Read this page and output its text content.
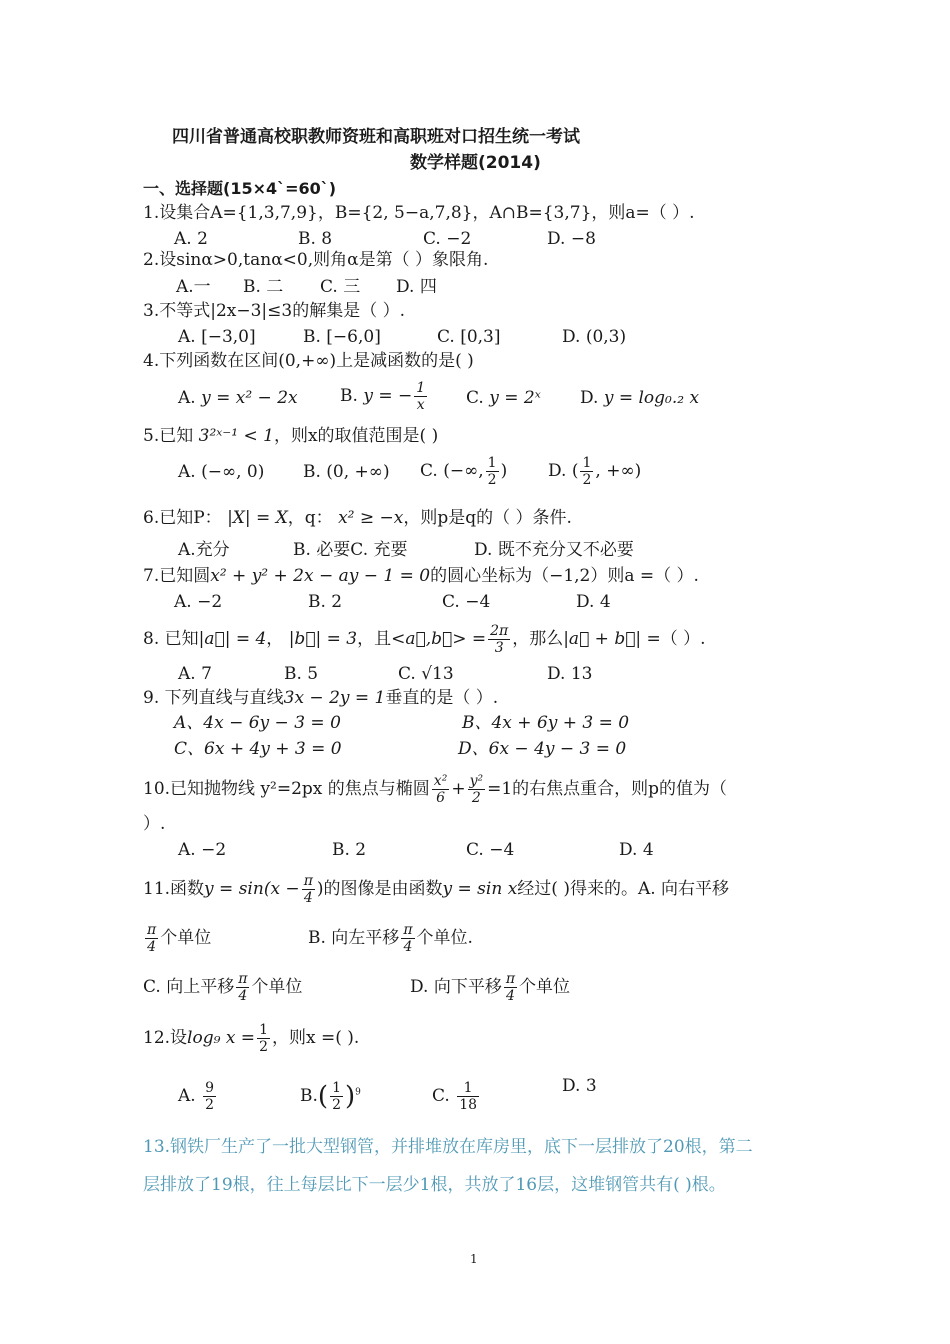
四川省普通高校职教师资班和高职班对口招生统一考试
数学样题(2014)
一、选择题(15×4`=60`)
1.设集合A={1,3,7,9}，B={2, 5−a,7,8}，A∩B={3,7}，则a=（ ）.
A. 2	B. 8	C. −2	D. −8
2.设sinα>0,tanα<0,则角α是第（ ）象限角.
A.一 B. 二 C. 三 D. 四
3.不等式|2x−3|≤3的解集是（ ）.
A. [−3,0]	B. [−6,0]	C. [0,3]	D. (0,3)
4.下列函数在区间(0,+∞)上是减函数的是( )
A. y = x² − 2x B. y = − $\frac{1}{x} C$. y = 2ˣ D. y = log₀.₂ x
5.已知 3²ˣ⁻¹ < 1，则x的取值范围是( )
A. (−∞, 0) B. (0, +∞) C. (−∞, $\frac{1}{2}$ ) D. ( $\frac{1}{2}$ , +∞)
6.已知P： |X| = X，q： x² ≥ −x，则p是q的（ ）条件.
A.充分	B. 必要C. 充要	D. 既不充分又不必要
7.已知圆x² + y² + 2x − ay − 1 = 0的圆心坐标为（−1,2）则a =（ ）.
A. −2	B. 2	C. −4	D. 4
8. 已知|a⃗| = 4， |b⃗| = 3，且<a⃗,b⃗> = $\frac{2\pi}{3}$ ，那么|a⃗ + b⃗| =（ ）.
A. 7	B. 5	C. √13	D. 13
9. 下列直线与直线3x − 2y = 1垂直的是（ ）.
A、4x − 6y − 3 = 0	B、4x + 6y + 3 = 0
C、6x + 4y + 3 = 0	D、6x − 4y − 3 = 0
10.已知抛物线 y²=2px 的焦点与椭圆 $\frac{\text{x²}}{6} + \frac{\text{y²}}{2} =1$的右焦点重合，则p的值为（
）.
A. −2	B. 2	C. −4	D. 4
11.函数$y = \sin(x - \frac{\pi}{4}$ )的图像是由函数y = sin x经过( )得来的。A. 向右平移
$\frac{\pi}{4}$ 个单位	B. 向左平移 $\frac{\pi}{4}$ 个单位.
C. 向上平移 $\frac{\pi}{4}$ 个单位	D. 向下平移 $\frac{\pi}{4}$ 个单位
12.设log₉ $x = \frac{1}{2}$ ，则x =( ).
A. $\frac{9}{2}$	$B.( \frac{1}{2} )^9$	C. $\frac{1}{18}$	D. 3
13.钢铁厂生产了一批大型钢管，并排堆放在库房里，底下一层排放了20根，第二
层排放了19根，往上每层比下一层少1根，共放了16层，这堆钢管共有( )根。
1
